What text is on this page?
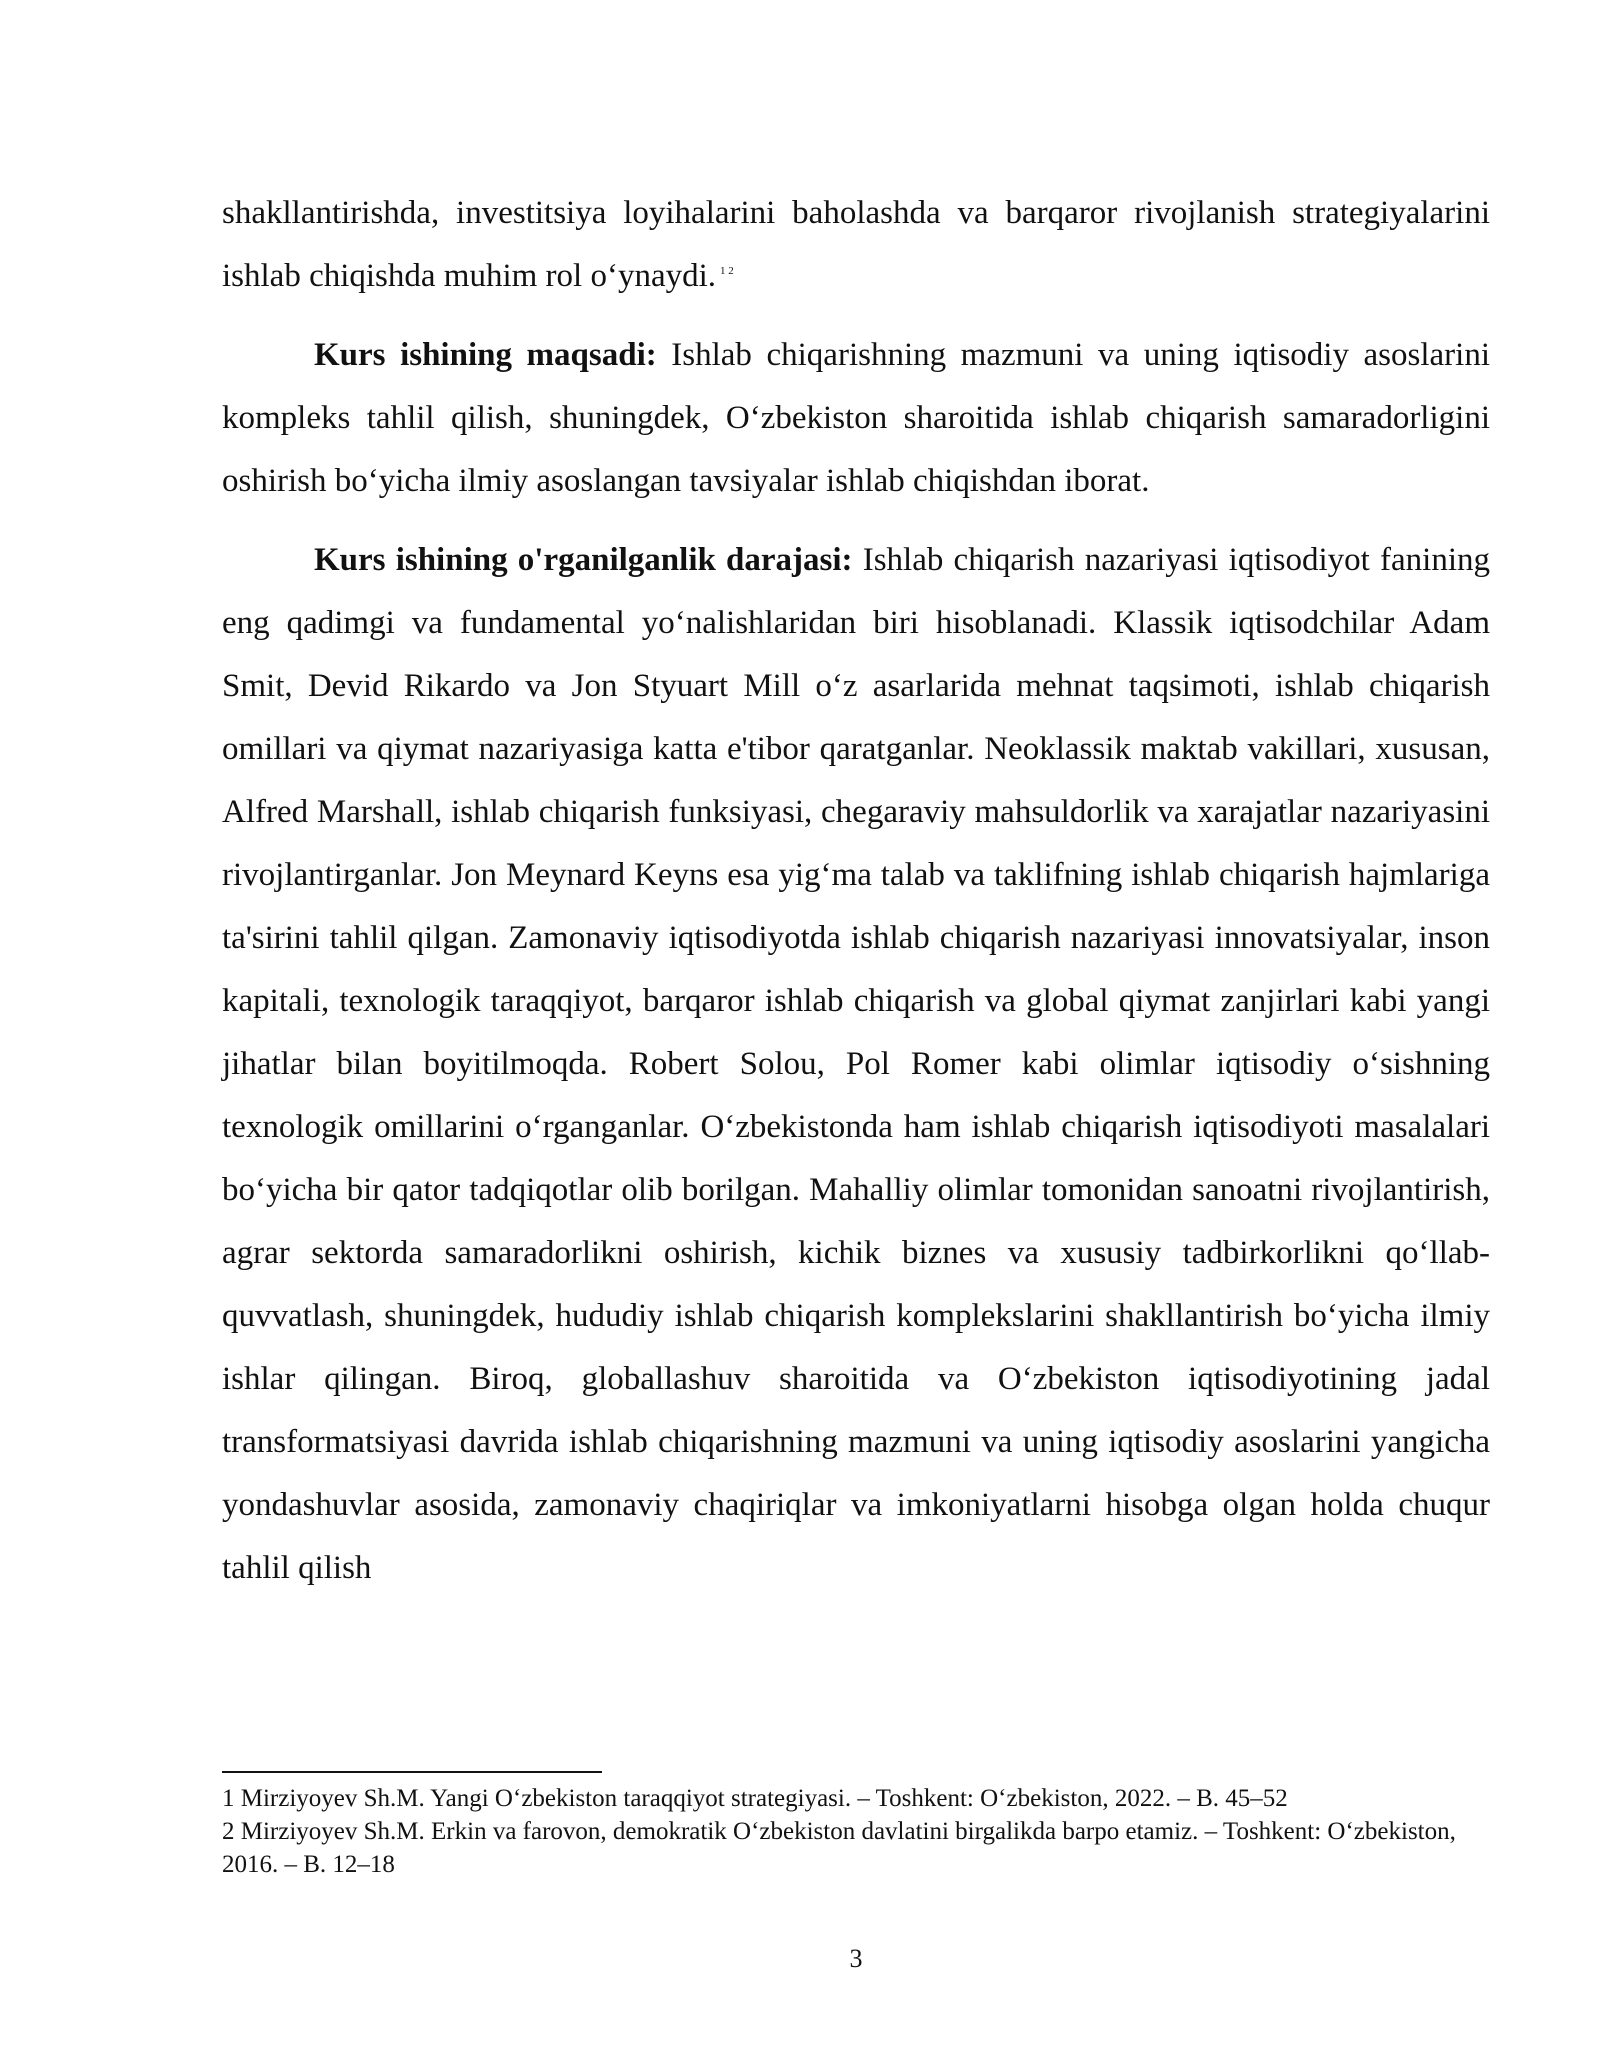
shakllantirishda, investitsiya loyihalarini baholashda va barqaror rivojlanish strategiyalarini ishlab chiqishda muhim rol o‘ynaydi. $^{1 2}$

Kurs ishining maqsadi: Ishlab chiqarishning mazmuni va uning iqtisodiy asoslarini kompleks tahlil qilish, shuningdek, O‘zbekiston sharoitida ishlab chiqarish samaradorligini oshirish bo‘yicha ilmiy asoslangan tavsiyalar ishlab chiqishdan iborat.

Kurs ishining o'rganilganlik darajasi: Ishlab chiqarish nazariyasi iqtisodiyot fanining eng qadimgi va fundamental yo‘nalishlaridan biri hisoblanadi. Klassik iqtisodchilar Adam Smit, Devid Rikardo va Jon Styuart Mill o‘z asarlarida mehnat taqsimoti, ishlab chiqarish omillari va qiymat nazariyasiga katta e'tibor qaratganlar. Neoklassik maktab vakillari, xususan, Alfred Marshall, ishlab chiqarish funksiyasi, chegaraviy mahsuldorlik va xarajatlar nazariyasini rivojlantirganlar. Jon Meynard Keyns esa yig‘ma talab va taklifning ishlab chiqarish hajmlariga ta'sirini tahlil qilgan. Zamonaviy iqtisodiyotda ishlab chiqarish nazariyasi innovatsiyalar, inson kapitali, texnologik taraqqiyot, barqaror ishlab chiqarish va global qiymat zanjirlari kabi yangi jihatlar bilan boyitilmoqda. Robert Solou, Pol Romer kabi olimlar iqtisodiy o‘sishning texnologik omillarini o‘rganganlar. O‘zbekistonda ham ishlab chiqarish iqtisodiyoti masalalari bo‘yicha bir qator tadqiqotlar olib borilgan. Mahalliy olimlar tomonidan sanoatni rivojlantirish, agrar sektorda samaradorlikni oshirish, kichik biznes va xususiy tadbirkorlikni qo‘llab-quvvatlash, shuningdek, hududiy ishlab chiqarish komplekslarini shakllantirish bo‘yicha ilmiy ishlar qilingan. Biroq, globallashuv sharoitida va O‘zbekiston iqtisodiyotining jadal transformatsiyasi davrida ishlab chiqarishning mazmuni va uning iqtisodiy asoslarini yangicha yondashuvlar asosida, zamonaviy chaqiriqlar va imkoniyatlarni hisobga olgan holda chuqur tahlil qilish

1 Mirziyoyev Sh.M. Yangi O‘zbekiston taraqqiyot strategiyasi. – Toshkent: O‘zbekiston, 2022. – B. 45–52

2 Mirziyoyev Sh.M. Erkin va farovon, demokratik O‘zbekiston davlatini birgalikda barpo etamiz. – Toshkent: O‘zbekiston, 2016. – B. 12–18

3
